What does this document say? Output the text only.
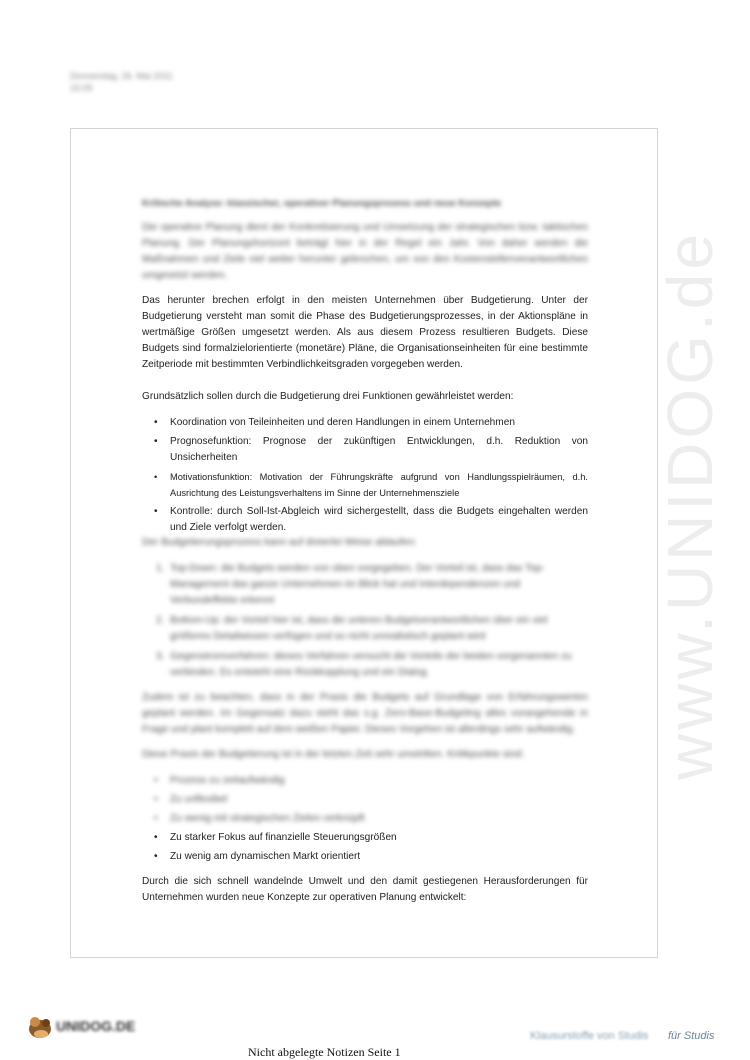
Donnerstag, 26. Mai 2011
15:09
www.UNIDOG.de
Kritische Analyse: klassischer, operativer Planungsprozess und neue Konzepte

Die operative Planung dient der Konkretisierung und Umsetzung der strategischen bzw. taktischen Planung. Der Planungshorizont beträgt hier in der Regel ein Jahr. Von daher werden die Maßnahmen und Ziele viel weiter herunter gebrochen, um von den Kostenstellenverantwortlichen umgesetzt werden.

Das herunter brechen erfolgt in den meisten Unternehmen über Budgetierung. Unter der Budgetierung versteht man somit die Phase des Budgetierungsprozesses, in der Aktionspläne in wertmäßige Größen umgesetzt werden. Als aus diesem Prozess resultieren Budgets. Diese Budgets sind formalzielorientierte (monetäre) Pläne, die Organisationseinheiten für eine bestimmte Zeitperiode mit bestimmten Verbindlichkeitsgraden vorgegeben werden.

Grundsätzlich sollen durch die Budgetierung drei Funktionen gewährleistet werden:

• Koordination von Teileinheiten und deren Handlungen in einem Unternehmen
• Prognosefunktion: Prognose der zukünftigen Entwicklungen, d.h. Reduktion von Unsicherheiten
• Motivationsfunktion: Motivation der Führungskräfte aufgrund von Handlungsspielräumen, d.h. Ausrichtung des Leistungsverhaltens im Sinne der Unternehmensziele
• Kontrolle: durch Soll-Ist-Abgleich wird sichergestellt, dass die Budgets eingehalten werden und Ziele verfolgt werden.

Der Budgetierungsprozess kann auf dreierlei Weise ablaufen:

1. Top-Down: die Budgets werden von oben vorgegeben. Der Vorteil ist, dass das Top-Management das ganze Unternehmen im Blick hat und Interdependenzen und Verbundeffekte erkennt
2. Bottom-Up: der Vorteil hier ist, dass die unteren Budgetverantwortlichen über ein viel größeres Detailwissen verfügen und so nicht unrealistisch geplant wird
3. Gegenstromverfahren: dieses Verfahren versucht die Vorteile der beiden vorgenannten zu verbinden. Es entsteht eine Rückkopplung und ein Dialog.

Zudem ist zu beachten, dass in der Praxis die Budgets auf Grundlage von Erfahrungswerten geplant werden. Im Gegensatz dazu steht das s.g. Zero-Base-Budgeting alles vorangehende in Frage und plant komplett auf dem weißen Papier. Dieses Vorgehen ist allerdings sehr aufwändig.

Diese Praxis der Budgetierung ist in der letzten Zeit sehr umstritten. Kritikpunkte sind:

• Prozess zu zeitaufwändig
• Zu unflexibel
• Zu wenig mit strategischen Zielen verknüpft
• Zu starker Fokus auf finanzielle Steuerungsgrößen
• Zu wenig am dynamischen Markt orientiert

Durch die sich schnell wandelnde Umwelt und den damit gestiegenen Herausforderungen für Unternehmen wurden neue Konzepte zur operativen Planung entwickelt:

UNIDOG.DE
Nicht abgelegte Notizen Seite 1
Klausurstoffe von Studis für Studis
